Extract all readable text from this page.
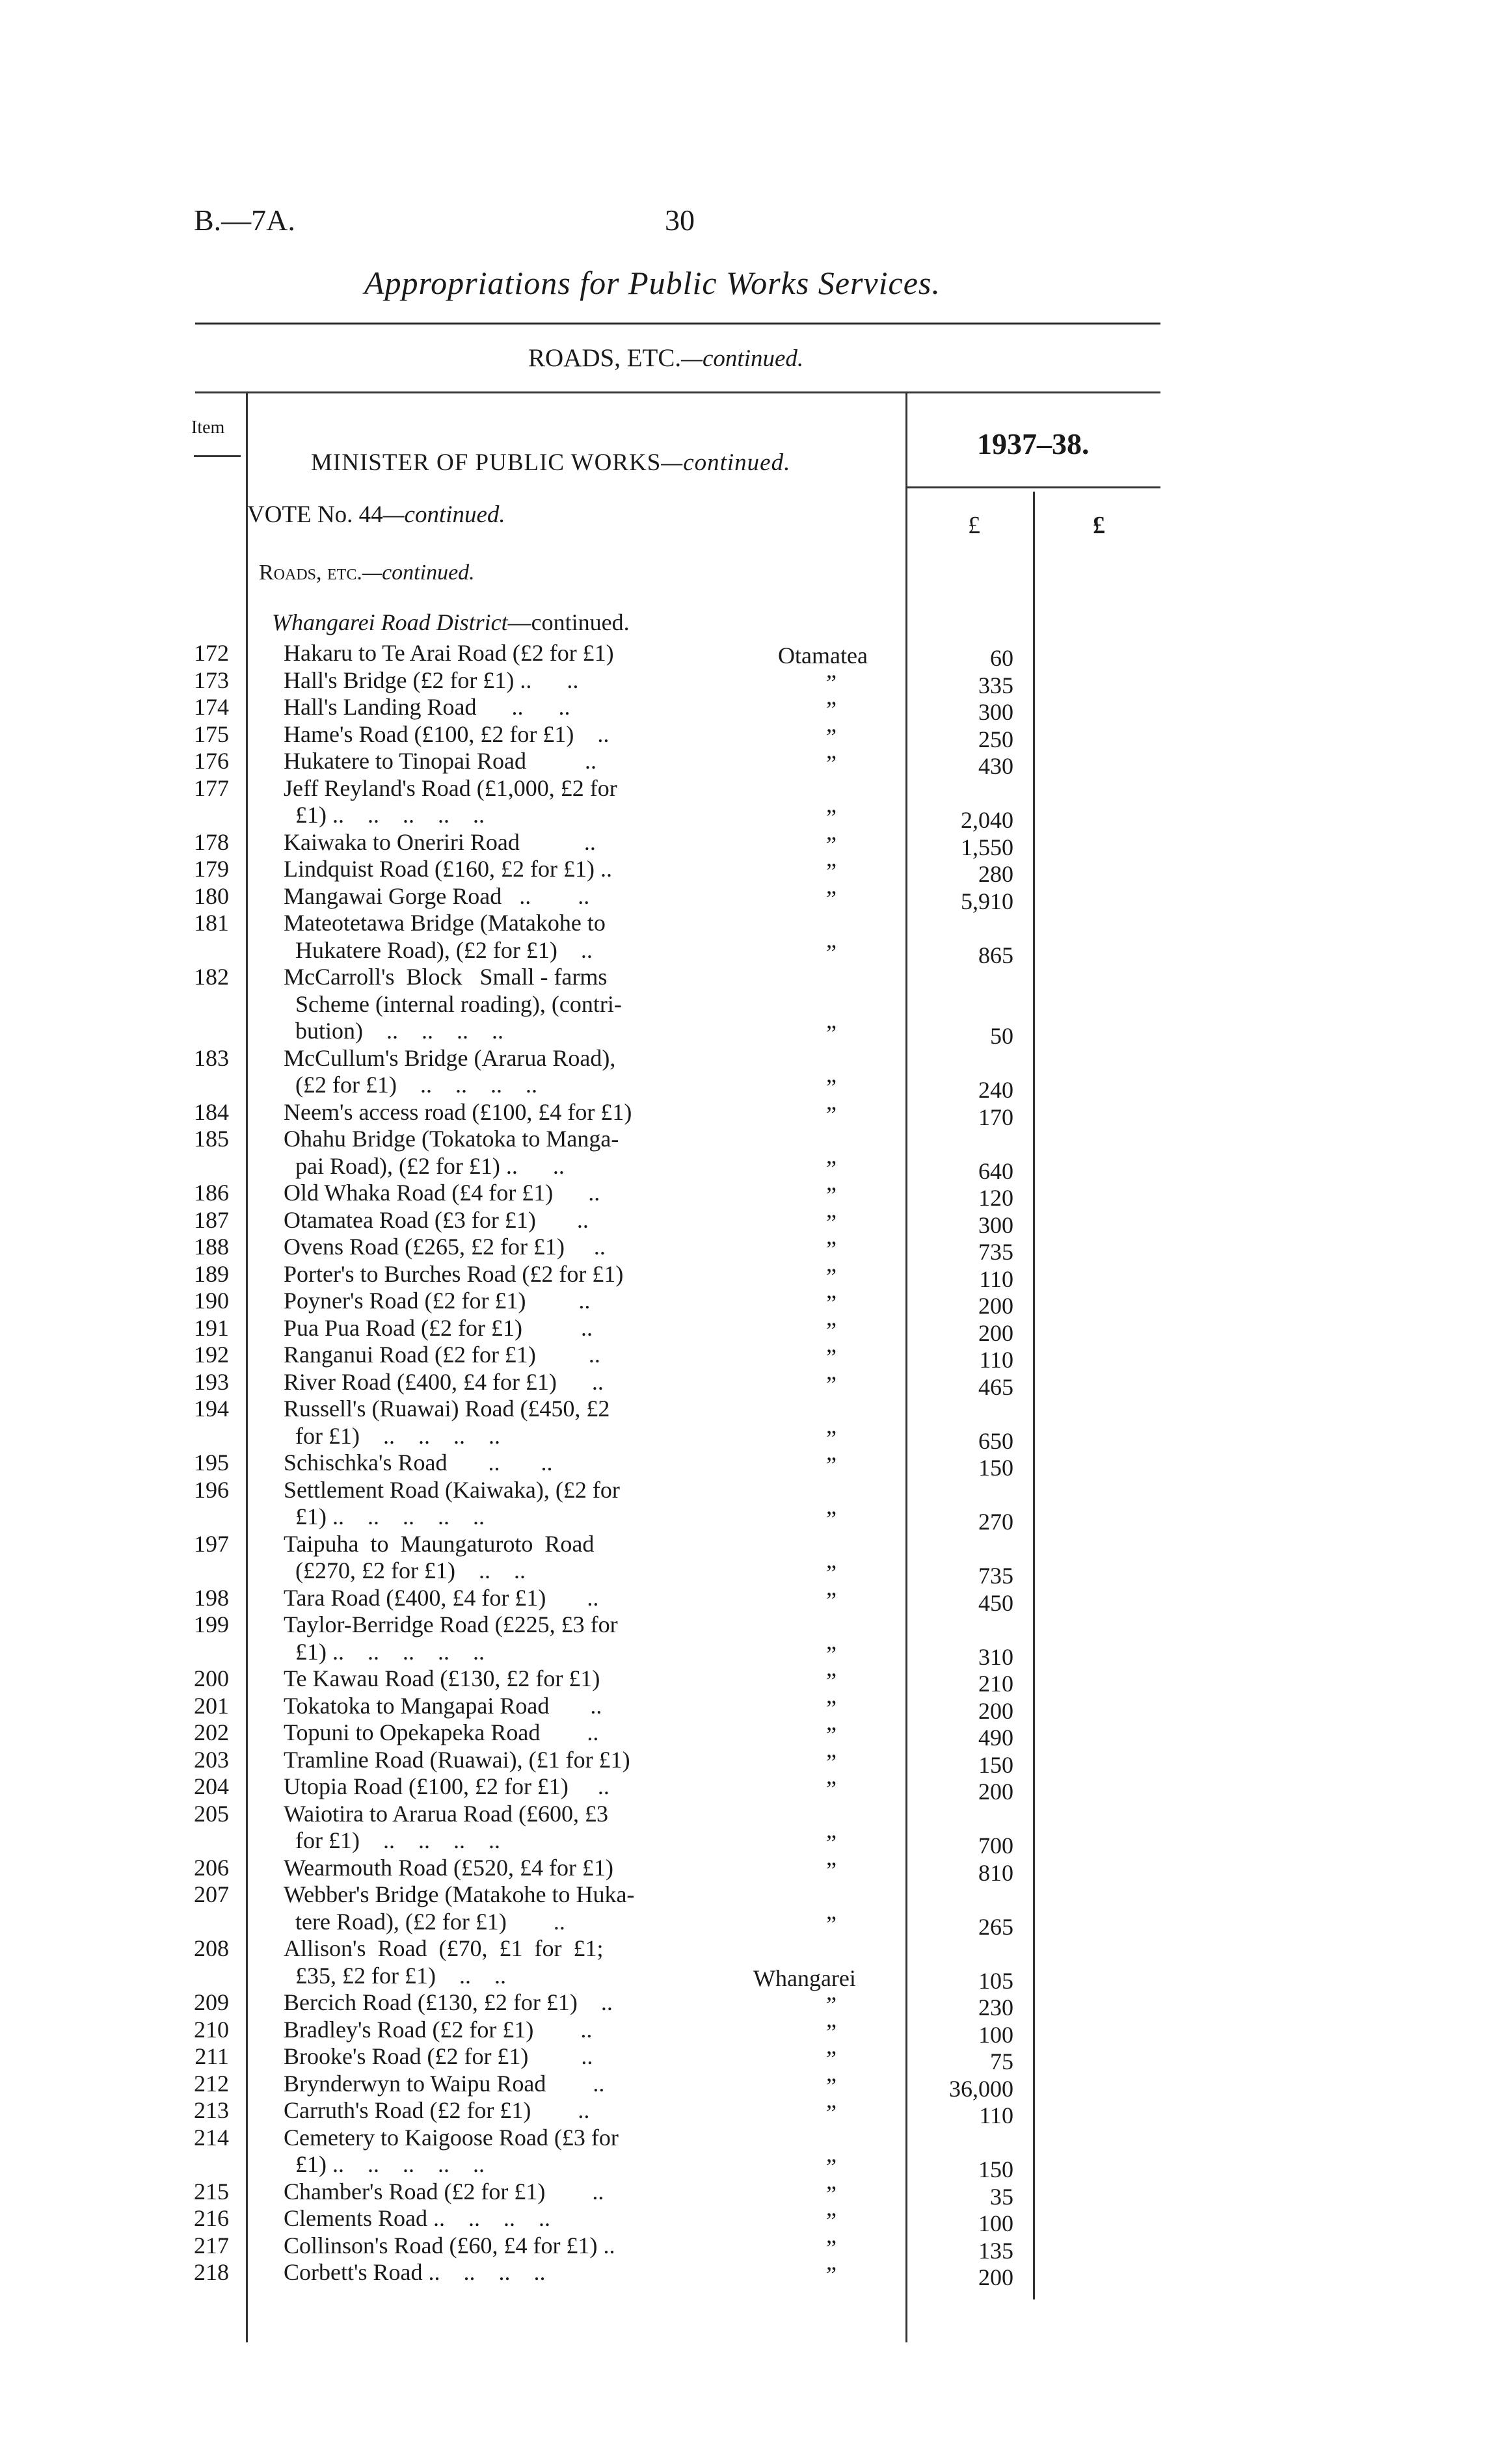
B.—7A.	30
Appropriations for Public Works Services.
ROADS, ETC.—continued.
Item
MINISTER OF PUBLIC WORKS—continued.
VOTE No. 44—continued.
Roads, etc.—continued.
1937–38.
£	£
Whangarei Road District—continued.
172 Hakaru to Te Arai Road (£2 for £1)	Otamatea	60
173 Hall's Bridge (£2 for £1) ..      ..	”	335
174 Hall's Landing Road      ..      ..	”	300
175 Hame's Road (£100, £2 for £1)    ..	”	250
176 Hukatere to Tinopai Road          ..	”	430
177 Jeff Reyland's Road (£1,000, £2 for
£1) ..    ..    ..    ..    ..	”	2,040
178 Kaiwaka to Oneriri Road           ..	”	1,550
179 Lindquist Road (£160, £2 for £1) ..	”	280
180 Mangawai Gorge Road   ..        ..	”	5,910
181 Mateotetawa Bridge (Matakohe to
Hukatere Road), (£2 for £1)    ..	”	865
182 McCarroll's  Block   Small - farms
Scheme (internal roading), (contri-
bution)    ..    ..    ..    ..	”	50
183 McCullum's Bridge (Ararua Road),
(£2 for £1)    ..    ..    ..    ..	”	240
184 Neem's access road (£100, £4 for £1)	”	170
185 Ohahu Bridge (Tokatoka to Manga-
pai Road), (£2 for £1) ..      ..	”	640
186 Old Whaka Road (£4 for £1)      ..	”	120
187 Otamatea Road (£3 for £1)       ..	”	300
188 Ovens Road (£265, £2 for £1)     ..	”	735
189 Porter's to Burches Road (£2 for £1)	”	110
190 Poyner's Road (£2 for £1)         ..	”	200
191 Pua Pua Road (£2 for £1)          ..	”	200
192 Ranganui Road (£2 for £1)         ..	”	110
193 River Road (£400, £4 for £1)      ..	”	465
194 Russell's (Ruawai) Road (£450, £2
for £1)    ..    ..    ..    ..	”	650
195 Schischka's Road       ..       ..	”	150
196 Settlement Road (Kaiwaka), (£2 for
£1) ..    ..    ..    ..    ..	”	270
197 Taipuha  to  Maungaturoto  Road
(£270, £2 for £1)    ..    ..	”	735
198 Tara Road (£400, £4 for £1)       ..	”	450
199 Taylor-Berridge Road (£225, £3 for
£1) ..    ..    ..    ..    ..	”	310
200 Te Kawau Road (£130, £2 for £1)	”	210
201 Tokatoka to Mangapai Road       ..	”	200
202 Topuni to Opekapeka Road        ..	”	490
203 Tramline Road (Ruawai), (£1 for £1)	”	150
204 Utopia Road (£100, £2 for £1)     ..	”	200
205 Waiotira to Ararua Road (£600, £3
for £1)    ..    ..    ..    ..	”	700
206 Wearmouth Road (£520, £4 for £1)	”	810
207 Webber's Bridge (Matakohe to Huka-
tere Road), (£2 for £1)        ..	”	265
208 Allison's  Road  (£70,  £1  for  £1;
£35, £2 for £1)    ..    ..	Whangarei	105
209 Bercich Road (£130, £2 for £1)    ..	”	230
210 Bradley's Road (£2 for £1)        ..	”	100
211 Brooke's Road (£2 for £1)         ..	”	75
212 Brynderwyn to Waipu Road        ..	”	36,000
213 Carruth's Road (£2 for £1)        ..	”	110
214 Cemetery to Kaigoose Road (£3 for
£1) ..    ..    ..    ..    ..	”	150
215 Chamber's Road (£2 for £1)        ..	”	35
216 Clements Road ..    ..    ..    ..	”	100
217 Collinson's Road (£60, £4 for £1) ..	”	135
218 Corbett's Road ..    ..    ..    ..	”	200
